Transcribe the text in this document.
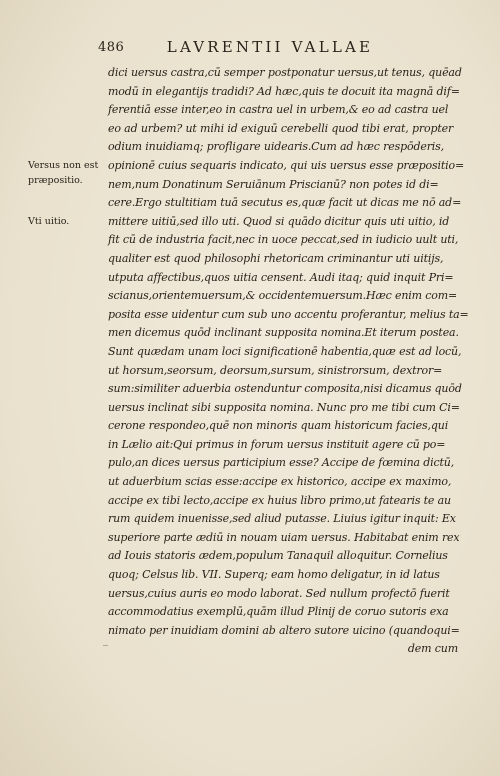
486	LAVRENTII VALLAE
Versus non est
præpositio.
Vti uitio.
dici uersus castra,cū semper postponatur uersus,ut tenus, quēad
modū in elegantijs tradidi? Ad hæc,quis te docuit ita magnā dif=
ferentiā esse inter,eo in castra uel in urbem,& eo ad castra uel
eo ad urbem? ut mihi id exiguū cerebelli quod tibi erat, propter
odium inuidiamq; profligare uidearis.Cum ad hæc respōderis,
opinionē cuius sequaris indicato, qui uis uersus esse præpositio=
nem,num Donatinum Seruiānum Priscianū? non potes id di=
cere.Ergo stultitiam tuā secutus es,quæ facit ut dicas me nō ad=
mittere uitiū,sed illo uti. Quod si quādo dicitur quis uti uitio, id
fit cū de industria facit,nec in uoce peccat,sed in iudicio uult uti,
qualiter est quod philosophi rhetoricam criminantur uti uitijs,
utputa affectibus,quos uitia censent. Audi itaq; quid inquit Pri=
scianus,orientemuersum,& occidentemuersum.Hæc enim com=
posita esse uidentur cum sub uno accentu proferantur, melius ta=
men dicemus quōd inclinant supposita nomina.Et iterum postea.
Sunt quædam unam loci significationē habentia,quæ est ad locū,
ut horsum,seorsum, deorsum,sursum, sinistrorsum, dextror=
sum:similiter aduerbia ostenduntur composita,nisi dicamus quōd
uersus inclinat sibi supposita nomina. Nunc pro me tibi cum Ci=
cerone respondeo,quē non minoris quam historicum facies,qui
in Lælio ait:Qui primus in forum uersus instituit agere cū po=
pulo,an dices uersus participium esse? Accipe de fœmina dictū,
ut aduerbium scias esse:accipe ex historico, accipe ex maximo,
accipe ex tibi lecto,accipe ex huius libro primo,ut fatearis te au
rum quidem inuenisse,sed aliud putasse. Liuius igitur inquit: Ex
superiore parte ædiū in nouam uiam uersus. Habitabat enim rex
ad Iouis statoris ædem,populum Tanaquil alloquitur. Cornelius
quoq; Celsus lib. VII. Superq; eam homo deligatur, in id latus
uersus,cuius auris eo modo laborat. Sed nullum profectō fuerit
accommodatius exemplū,quām illud Plinij de coruo sutoris exa
nimato per inuidiam domini ab altero sutore uicino (quandoqui=
dem cum
